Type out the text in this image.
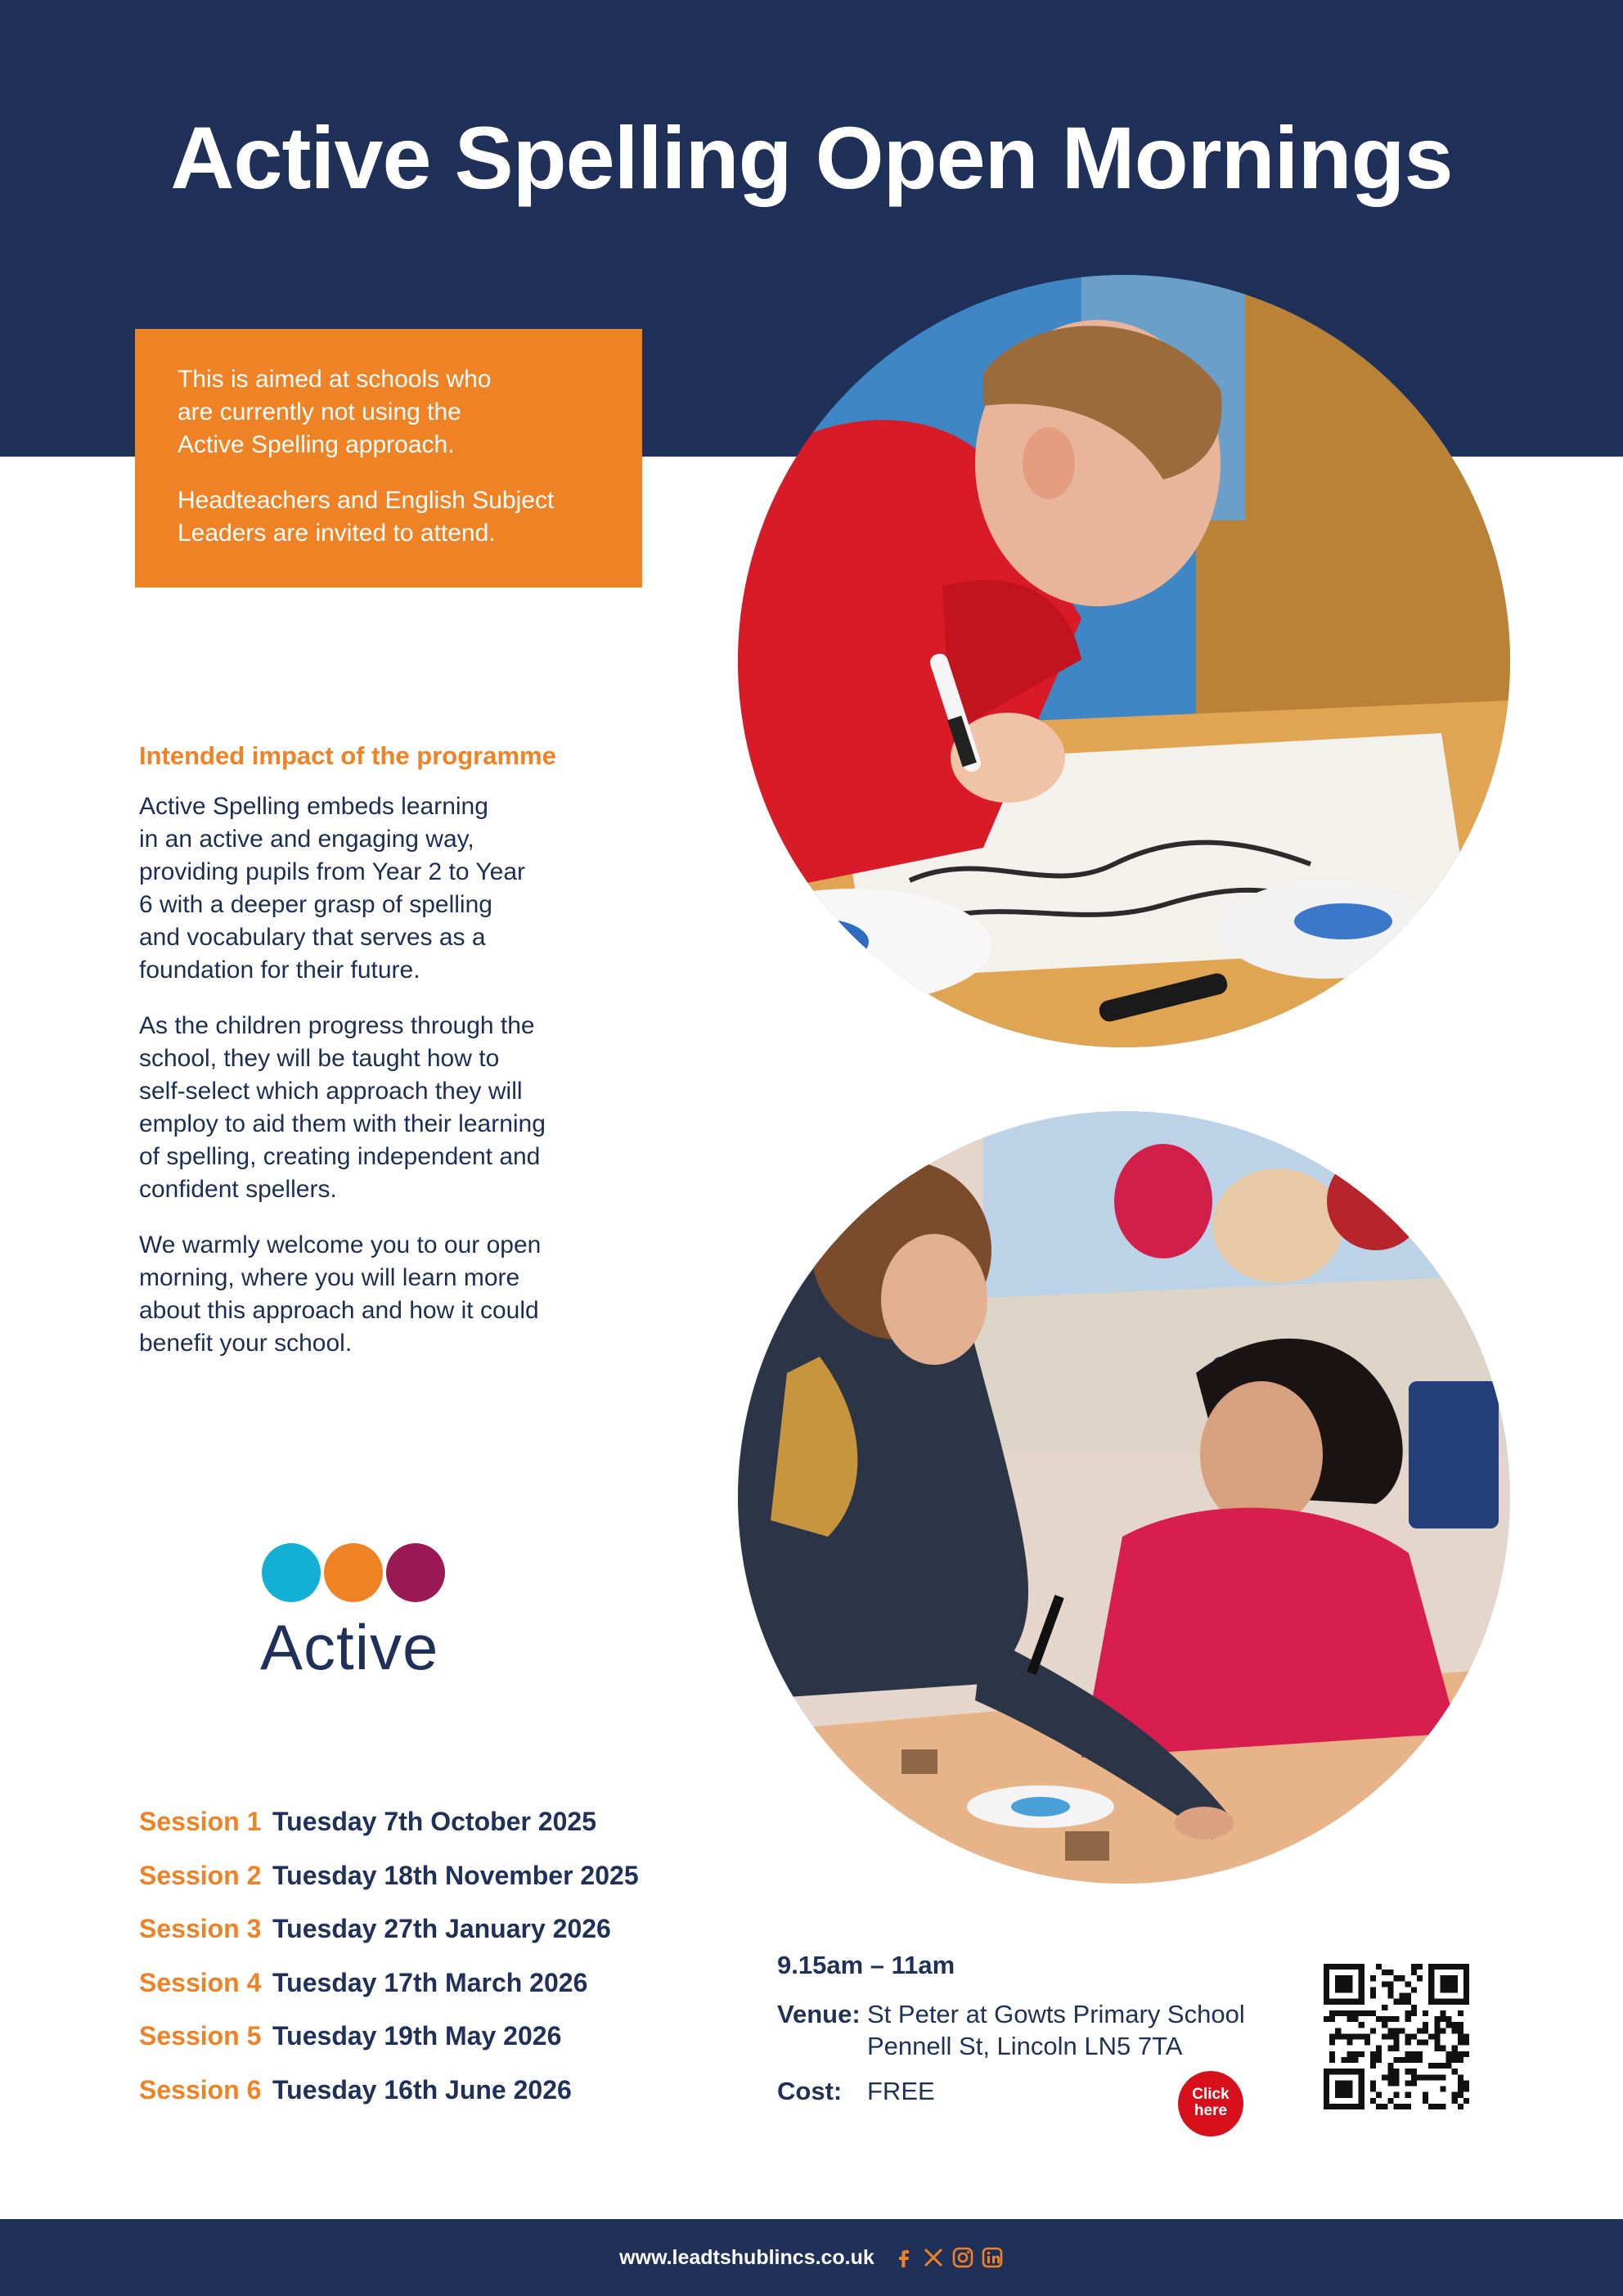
Active Spelling Open Mornings

This is aimed at schools who
are currently not using the
Active Spelling approach.

Headteachers and English Subject
Leaders are invited to attend.

Intended impact of the programme

Active Spelling embeds learning
in an active and engaging way,
providing pupils from Year 2 to Year
6 with a deeper grasp of spelling
and vocabulary that serves as a
foundation for their future.

As the children progress through the
school, they will be taught how to
self-select which approach they will
employ to aid them with their learning
of spelling, creating independent and
confident spellers.

We warmly welcome you to our open
morning, where you will learn more
about this approach and how it could
benefit your school.

Active
Session 1 Tuesday 7th October 2025
Session 2 Tuesday 18th November 2025
Session 3 Tuesday 27th January 2026
Session 4 Tuesday 17th March 2026
Session 5 Tuesday 19th May 2026
Session 6 Tuesday 16th June 2026
9.15am – 11am
Venue: St Peter at Gowts Primary School
Pennell St, Lincoln LN5 7TA
Cost: FREE	Click
here
www.leadtshublincs.co.uk
